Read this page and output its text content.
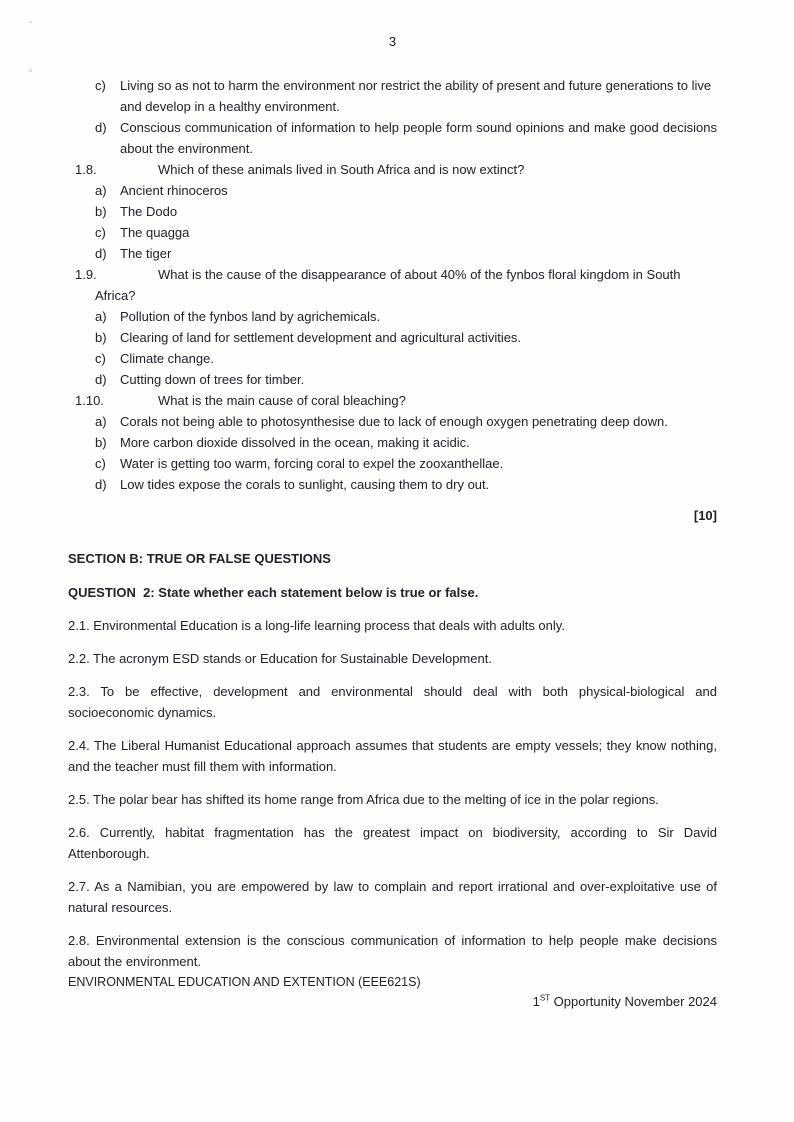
3
c)	Living so as not to harm the environment nor restrict the ability of present and future generations to live and develop in a healthy environment.
d)	Conscious communication of information to help people form sound opinions and make good decisions about the environment.

1.8.	Which of these animals lived in South Africa and is now extinct?

a)	Ancient rhinoceros
b)	The Dodo
c)	The quagga
d)	The tiger

1.9.	What is the cause of the disappearance of about 40% of the fynbos floral kingdom in South Africa?

a)	Pollution of the fynbos land by agrichemicals.
b)	Clearing of land for settlement development and agricultural activities.
c)	Climate change.
d)	Cutting down of trees for timber.

1.10.	What is the main cause of coral bleaching?

a)	Corals not being able to photosynthesise due to lack of enough oxygen penetrating deep down.
b)	More carbon dioxide dissolved in the ocean, making it acidic.
c)	Water is getting too warm, forcing coral to expel the zooxanthellae.
d)	Low tides expose the corals to sunlight, causing them to dry out.
[10]
SECTION B: TRUE OR FALSE QUESTIONS
QUESTION  2: State whether each statement below is true or false.

2.1. Environmental Education is a long-life learning process that deals with adults only.

2.2. The acronym ESD stands or Education for Sustainable Development.

2.3. To be effective, development and environmental should deal with both physical-biological and socioeconomic dynamics.

2.4. The Liberal Humanist Educational approach assumes that students are empty vessels; they know nothing, and the teacher must fill them with information.

2.5. The polar bear has shifted its home range from Africa due to the melting of ice in the polar regions.

2.6. Currently, habitat fragmentation has the greatest impact on biodiversity, according to Sir David Attenborough.

2.7. As a Namibian, you are empowered by law to complain and report irrational and over-exploitative use of natural resources.

2.8. Environmental extension is the conscious communication of information to help people make decisions about the environment.

ENVIRONMENTAL EDUCATION AND EXTENTION (EEE621S)
1ST Opportunity November 2024
